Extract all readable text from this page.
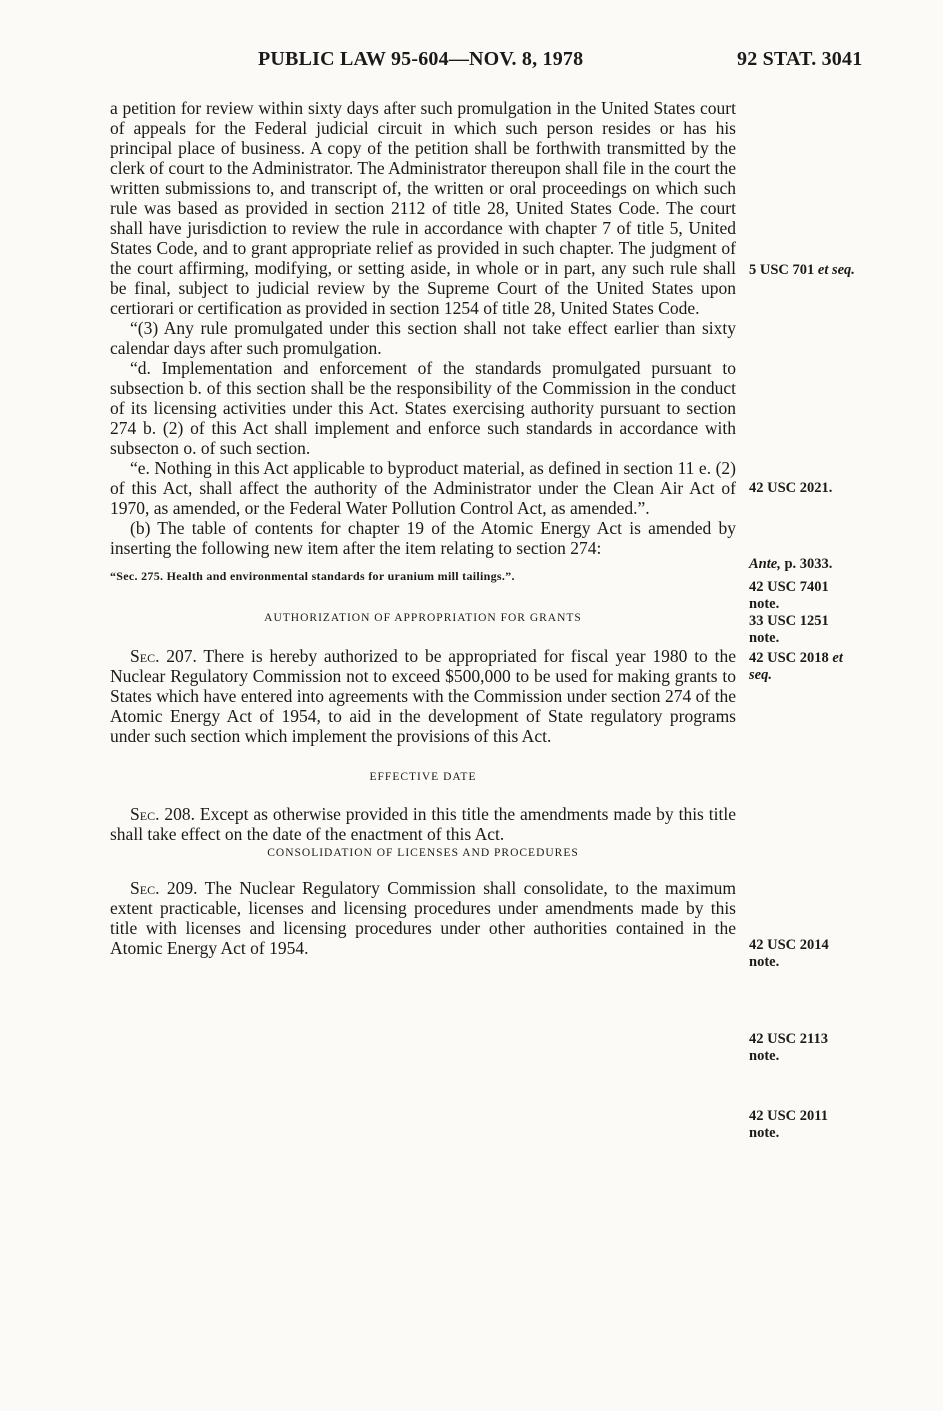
PUBLIC LAW 95-604—NOV. 8, 1978	92 STAT. 3041

a petition for review within sixty days after such promulgation in the United States court of appeals for the Federal judicial circuit in which such person resides or has his principal place of business. A copy of the petition shall be forthwith transmitted by the clerk of court to the Administrator. The Administrator thereupon shall file in the court the written submissions to, and transcript of, the written or oral proceedings on which such rule was based as provided in section 2112 of title 28, United States Code. The court shall have jurisdiction to review the rule in accordance with chapter 7 of title 5, United States Code, and to grant appropriate relief as provided in such chapter. The judgment of the court affirming, modifying, or setting aside, in whole or in part, any such rule shall be final, subject to judicial review by the Supreme Court of the United States upon certiorari or certification as provided in section 1254 of title 28, United States Code.

“(3) Any rule promulgated under this section shall not take effect earlier than sixty calendar days after such promulgation.

“d. Implementation and enforcement of the standards promulgated pursuant to subsection b. of this section shall be the responsibility of the Commission in the conduct of its licensing activities under this Act. States exercising authority pursuant to section 274 b. (2) of this Act shall implement and enforce such standards in accordance with subsecton o. of such section.

“e. Nothing in this Act applicable to byproduct material, as defined in section 11 e. (2) of this Act, shall affect the authority of the Administrator under the Clean Air Act of 1970, as amended, or the Federal Water Pollution Control Act, as amended.”.

(b) The table of contents for chapter 19 of the Atomic Energy Act is amended by inserting the following new item after the item relating to section 274:

“Sec. 275. Health and environmental standards for uranium mill tailings.”.

AUTHORIZATION OF APPROPRIATION FOR GRANTS

Sec. 207. There is hereby authorized to be appropriated for fiscal year 1980 to the Nuclear Regulatory Commission not to exceed $500,000 to be used for making grants to States which have entered into agreements with the Commission under section 274 of the Atomic Energy Act of 1954, to aid in the development of State regulatory programs under such section which implement the provisions of this Act.

EFFECTIVE DATE

Sec. 208. Except as otherwise provided in this title the amendments made by this title shall take effect on the date of the enactment of this Act.

CONSOLIDATION OF LICENSES AND PROCEDURES

Sec. 209. The Nuclear Regulatory Commission shall consolidate, to the maximum extent practicable, licenses and licensing procedures under amendments made by this title with licenses and licensing procedures under other authorities contained in the Atomic Energy Act of 1954.

5 USC 701 et seq.
42 USC 2021.
Ante, p. 3033.
42 USC 7401
note.
33 USC 1251
note.
42 USC 2018 et
seq.
42 USC 2014
note.
42 USC 2113
note.
42 USC 2011
note.
